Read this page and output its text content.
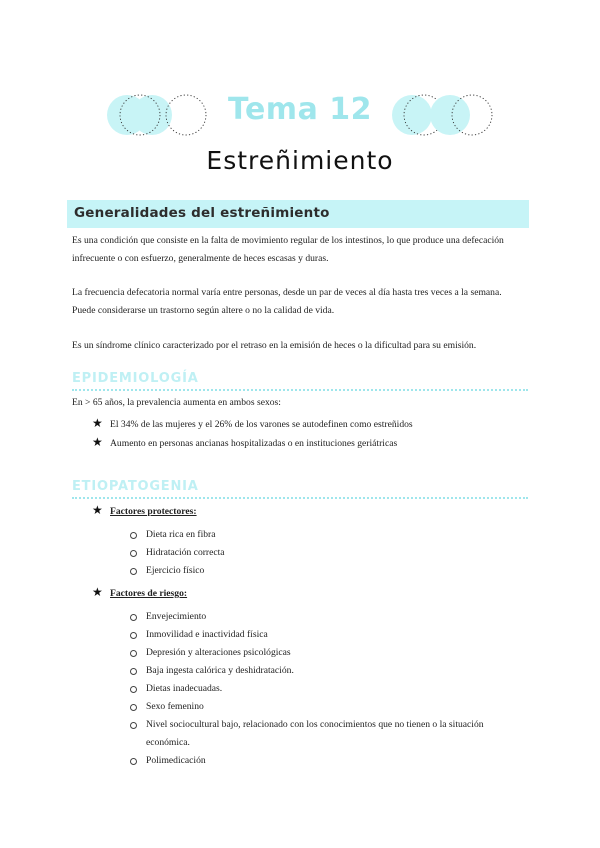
Tema 12
Estreñimiento
Generalidades del estreñimiento
Es una condición que consiste en la falta de movimiento regular de los intestinos, lo que produce una defecación
infrecuente o con esfuerzo, generalmente de heces escasas y duras.
La frecuencia defecatoria normal varía entre personas, desde un par de veces al día hasta tres veces a la semana.
Puede considerarse un trastorno según altere o no la calidad de vida.
Es un síndrome clínico caracterizado por el retraso en la emisión de heces o la dificultad para su emisión.
EPIDEMIOLOGÍA
En > 65 años, la prevalencia aumenta en ambos sexos:
★ El 34% de las mujeres y el 26% de los varones se autodefinen como estreñidos
★ Aumento en personas ancianas hospitalizadas o en instituciones geriátricas
ETIOPATOGENIA
★ Factores protectores:
Dieta rica en fibra
Hidratación correcta
Ejercicio físico
★ Factores de riesgo:
Envejecimiento
Inmovilidad e inactividad física
Depresión y alteraciones psicológicas
Baja ingesta calórica y deshidratación.
Dietas inadecuadas.
Sexo femenino
Nivel sociocultural bajo, relacionado con los conocimientos que no tienen o la situación
económica.
Polimedicación
